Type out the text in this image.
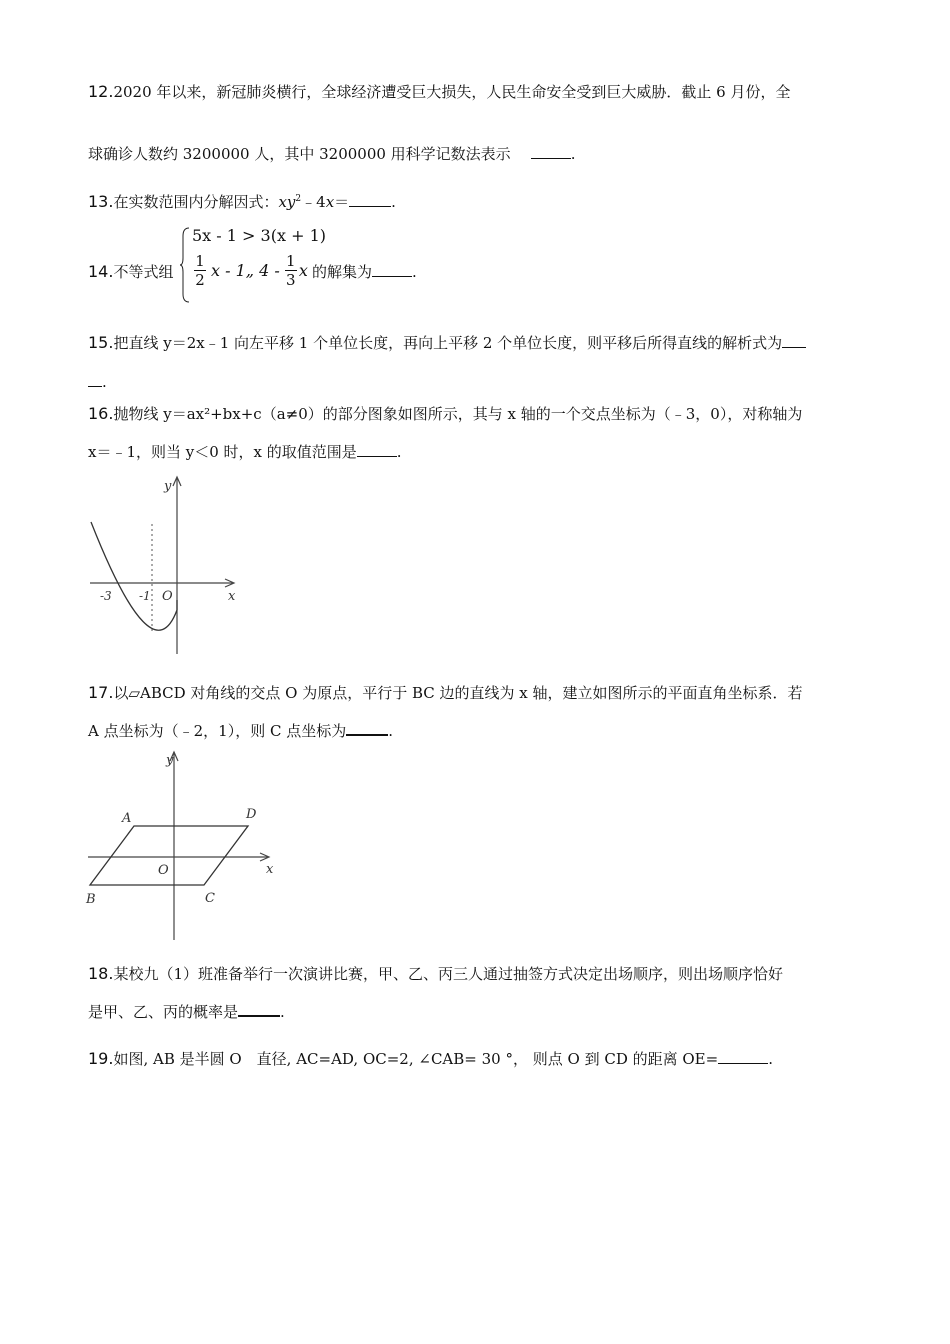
12.2020 年以来，新冠肺炎横行，全球经济遭受巨大损失，人民生命安全受到巨大威胁．截止 6 月份，全
球确诊人数约 3200000 人，其中 3200000 用科学记数法表示	.
13.在实数范围内分解因式：$xy^2﹣4x=$	.
14.不等式组
5x - 1 > 3(x + 1)
$\frac{1}{2}$ x - 1„ $4 - \frac{1}{3}$ x 的解集为	.
15.把直线 y＝2x﹣1 向左平移 1 个单位长度，再向上平移 2 个单位长度，则平移后所得直线的解析式为
.
16.抛物线 y＝ax²+bx+c（a≠0）的部分图象如图所示，其与 x 轴的一个交点坐标为（﹣3，0），对称轴为
x＝﹣1，则当 y＜0 时，x 的取值范围是	.
y
x
O
-3 -1
17.以▱ABCD 对角线的交点 O 为原点，平行于 BC 边的直线为 x 轴，建立如图所示的平面直角坐标系．若
A 点坐标为（﹣2，1），则 C 点坐标为	.
y
x
O
A	D
B	C
18.某校九（1）班准备举行一次演讲比赛，甲、乙、丙三人通过抽签方式决定出场顺序，则出场顺序恰好
是甲、乙、丙的概率是	.
19.如图, AB 是半圆 O　直径, AC=AD, OC=2, ∠CAB= 30 °， 则点 O 到 CD 的距离 OE=	.
